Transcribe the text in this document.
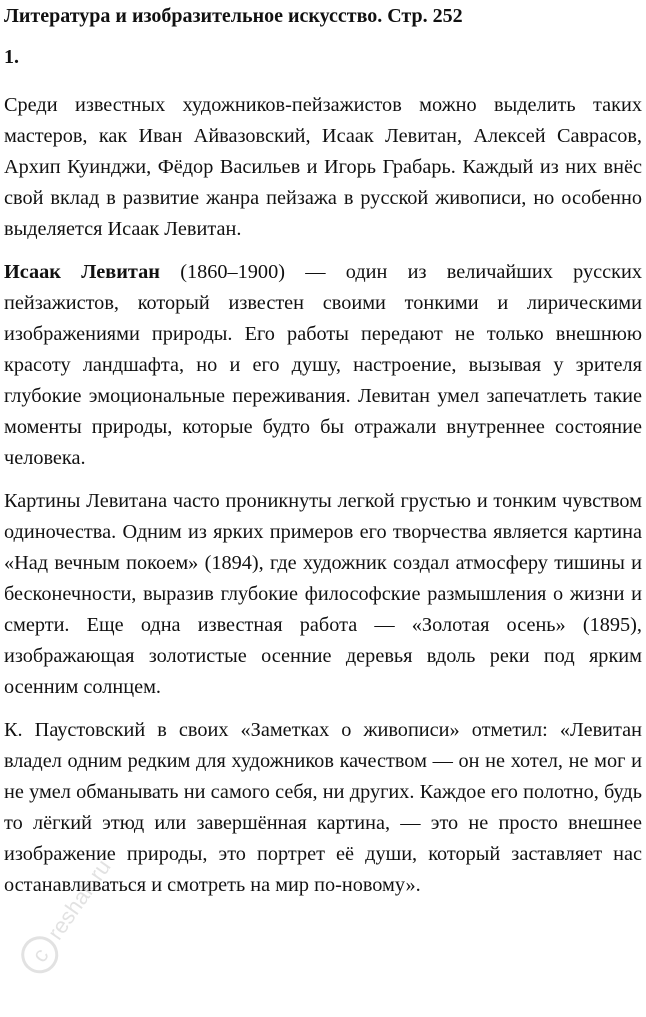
Литература и изобразительное искусство. Стр. 252

1.

Среди известных художников-пейзажистов можно выделить таких мастеров, как Иван Айвазовский, Исаак Левитан, Алексей Саврасов, Архип Куинджи, Фёдор Васильев и Игорь Грабарь. Каждый из них внёс свой вклад в развитие жанра пейзажа в русской живописи, но особенно выделяется Исаак Левитан.

Исаак Левитан (1860–1900) — один из величайших русских пейзажистов, который известен своими тонкими и лирическими изображениями природы. Его работы передают не только внешнюю красоту ландшафта, но и его душу, настроение, вызывая у зрителя глубокие эмоциональные переживания. Левитан умел запечатлеть такие моменты природы, которые будто бы отражали внутреннее состояние человека.

Картины Левитана часто проникнуты легкой грустью и тонким чувством одиночества. Одним из ярких примеров его творчества является картина «Над вечным покоем» (1894), где художник создал атмосферу тишины и бесконечности, выразив глубокие философские размышления о жизни и смерти. Еще одна известная работа — «Золотая осень» (1895), изображающая золотистые осенние деревья вдоль реки под ярким осенним солнцем.

К. Паустовский в своих «Заметках о живописи» отметил: «Левитан владел одним редким для художников качеством — он не хотел, не мог и не умел обманывать ни самого себя, ни других. Каждое его полотно, будь то лёгкий этюд или завершённая картина, — это не просто внешнее изображение природы, это портрет её души, который заставляет нас останавливаться и смотреть на мир по-новому».

c
reshak.ru
